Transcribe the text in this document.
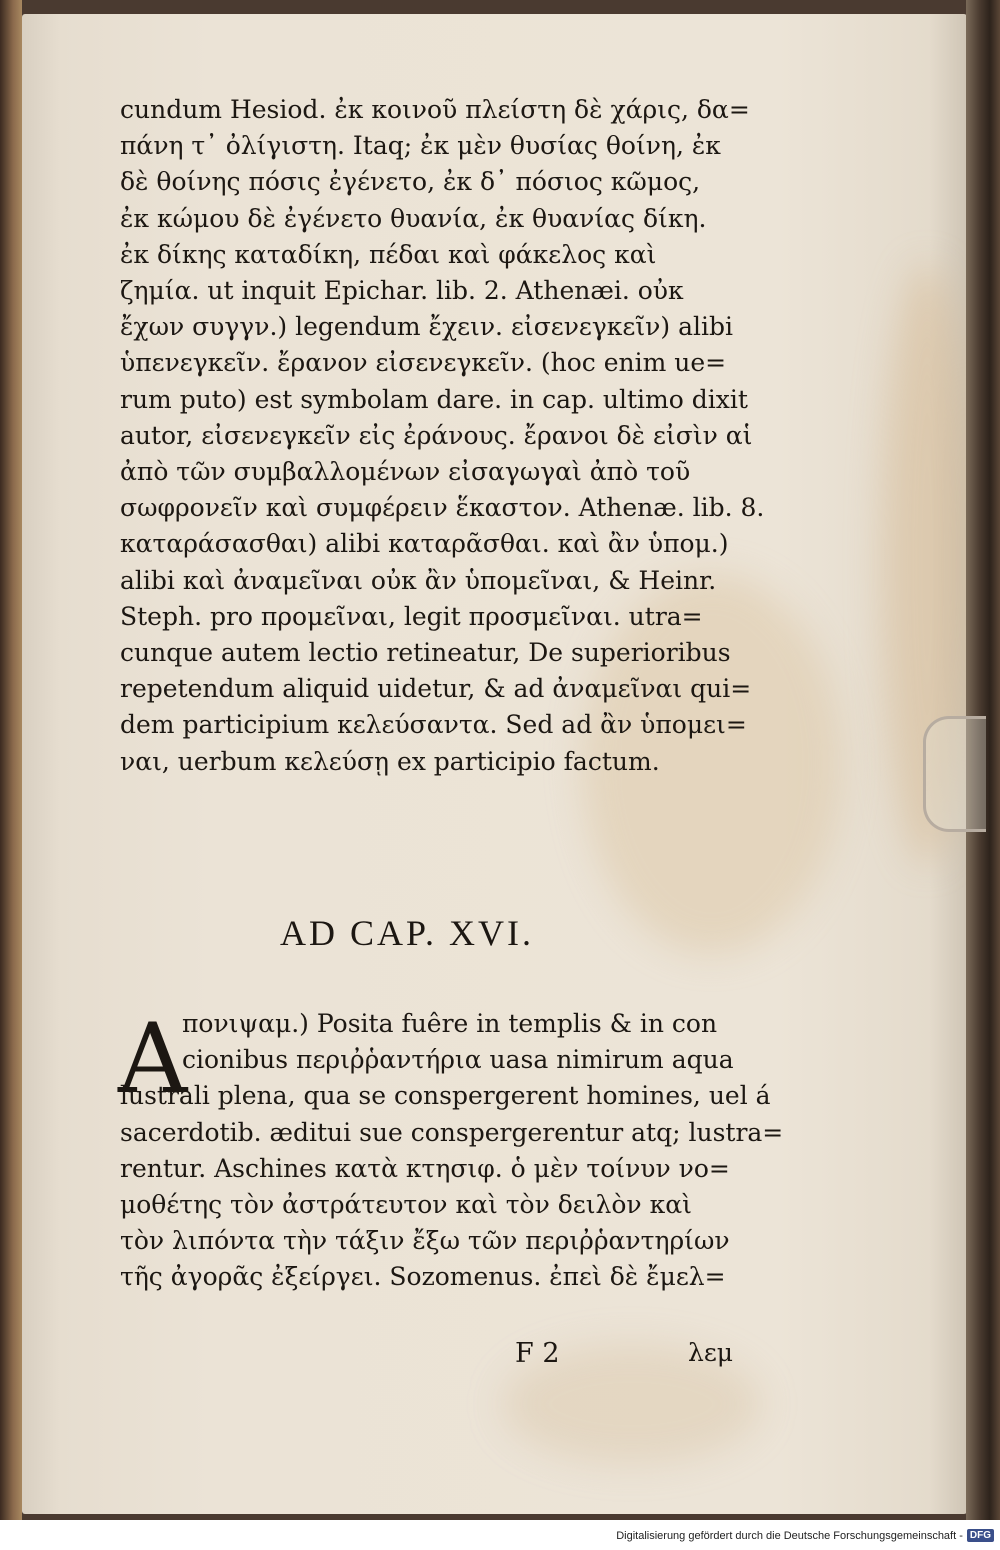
cundum Hesiod. ἐκ κοινοῦ πλείστη δὲ χάρις, δα=
πάνη τ᾽ ὀλίγιστη. Itaq; ἐκ μὲν θυσίας θοίνη, ἐκ
δὲ θοίνης πόσις ἐγένετο, ἐκ δ᾽ πόσιος κῶμος,
ἐκ κώμου δὲ ἐγένετο θυανία, ἐκ θυανίας δίκη.
ἐκ δίκης καταδίκη, πέδαι καὶ φάκελος καὶ
ζημία. ut inquit Epichar. lib. 2. Athenæi. οὐκ
ἔχων συγγν.) legendum ἔχειν. εἰσενεγκεῖν) alibi
ὑπενεγκεῖν. ἔρανον εἰσενεγκεῖν. (hoc enim ue=
rum puto) est symbolam dare. in cap. ultimo dixit
autor, εἰσενεγκεῖν εἰς ἐράνους. ἔρανοι δὲ εἰσὶν αἱ
ἀπὸ τῶν συμβαλλομένων εἰσαγωγαὶ ἀπὸ τοῦ
σωφρονεῖν καὶ συμφέρειν ἕκαστον. Athenæ. lib. 8.
καταράσασθαι) alibi καταρᾶσθαι. καὶ ἂν ὑπομ.)
alibi καὶ ἀναμεῖναι οὐκ ἂν ὑπομεῖναι, & Heinr.
Steph. pro προμεῖναι, legit προσμεῖναι. utra=
cunque autem lectio retineatur, De superioribus
repetendum aliquid uidetur, & ad ἀναμεῖναι qui=
dem participium κελεύσαντα. Sed ad ἂν ὑπομει=
ναι, uerbum κελεύσῃ ex participio factum.
AD CAP. XVI.
A
πονιψαμ.) Posita fuêre in templis & in con
cionibus περιῤῥαντήρια uasa nimirum aqua
lustrali plena, qua se conspergerent homines, uel á
sacerdotib. æditui sue conspergerentur atq; lustra=
rentur. Aschines κατὰ κτησιφ. ὁ μὲν τοίνυν νο=
μοθέτης τὸν ἀστράτευτον καὶ τὸν δειλὸν καὶ
τὸν λιπόντα τὴν τάξιν ἔξω τῶν περιῤῥαντηρίων
τῆς ἀγορᾶς ἐξείργει. Sozomenus. ἐπεὶ δὲ ἔμελ=
F 2	λεμ
Digitalisierung gefördert durch die Deutsche Forschungsgemeinschaft - DFG
